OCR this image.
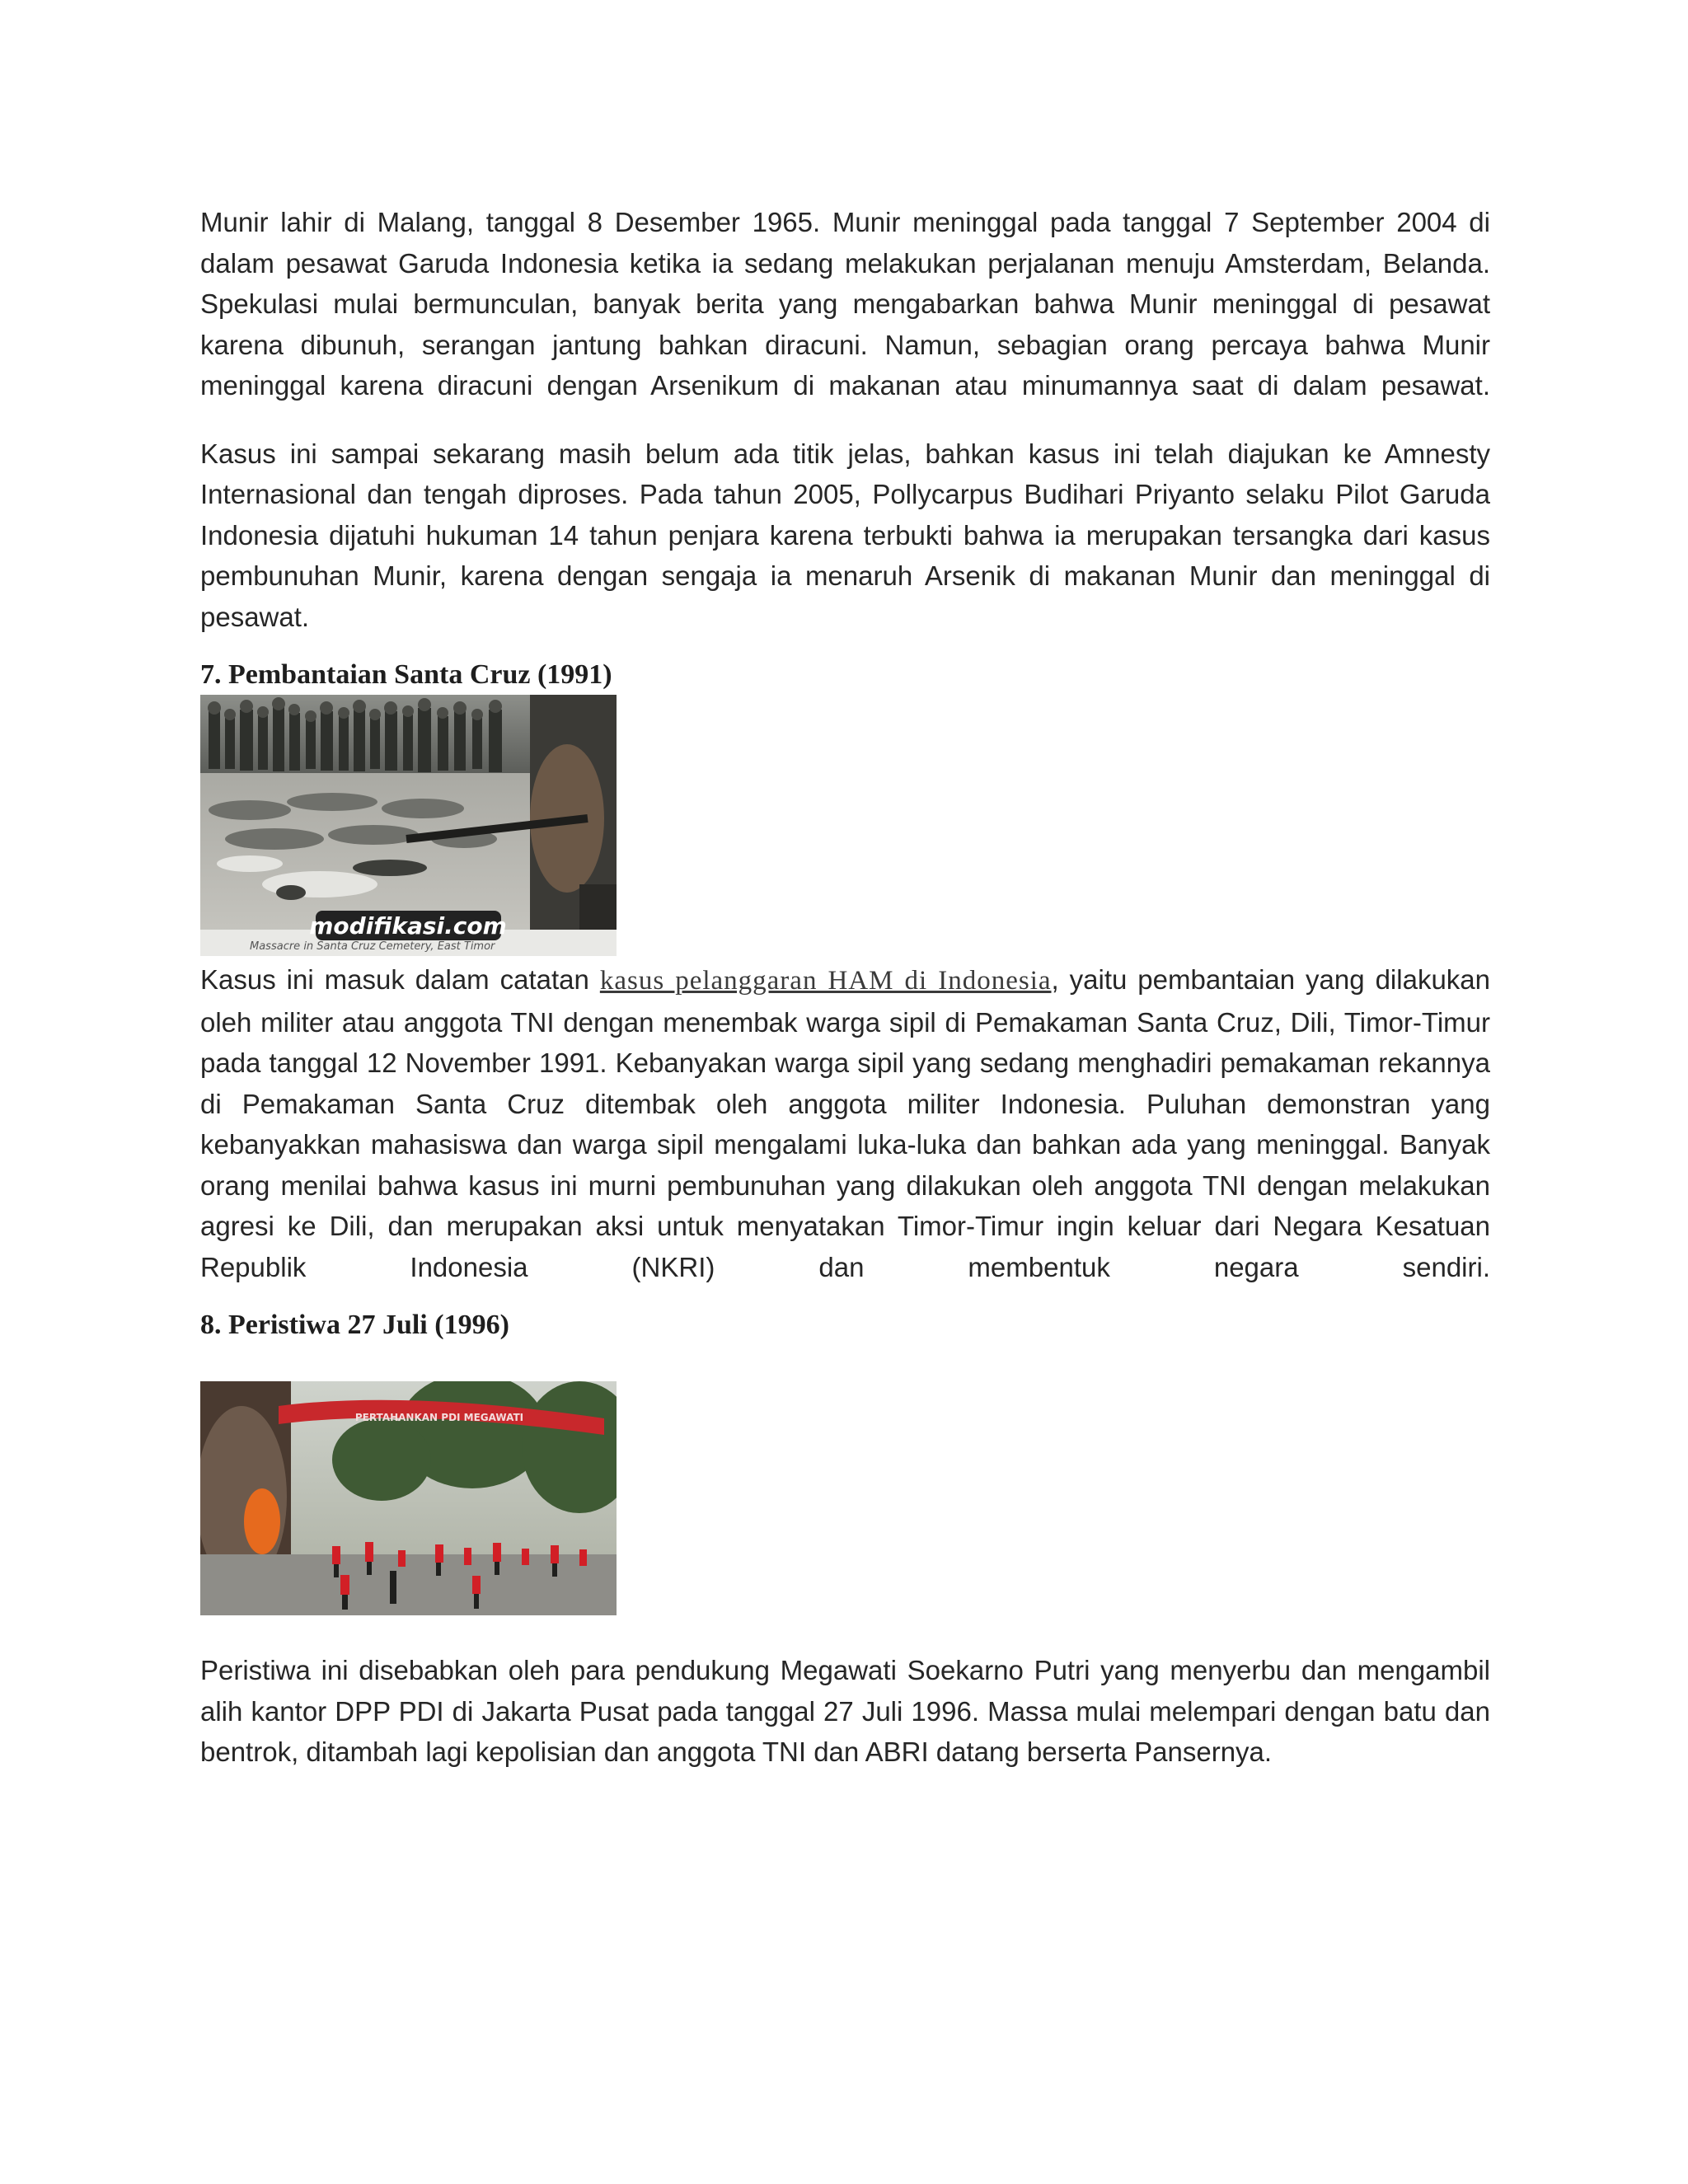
Munir lahir di Malang, tanggal 8 Desember 1965. Munir meninggal pada tanggal 7 September 2004 di dalam pesawat Garuda Indonesia ketika ia sedang melakukan perjalanan menuju Amsterdam, Belanda. Spekulasi mulai bermunculan, banyak berita yang mengabarkan bahwa Munir meninggal di pesawat karena dibunuh, serangan jantung bahkan diracuni. Namun, sebagian orang percaya bahwa Munir meninggal karena diracuni dengan Arsenikum di makanan atau minumannya saat di dalam pesawat.

Kasus ini sampai sekarang masih belum ada titik jelas, bahkan kasus ini telah diajukan ke Amnesty Internasional dan tengah diproses. Pada tahun 2005, Pollycarpus Budihari Priyanto selaku Pilot Garuda Indonesia dijatuhi hukuman 14 tahun penjara karena terbukti bahwa ia merupakan tersangka dari kasus pembunuhan Munir, karena dengan sengaja ia menaruh Arsenik di makanan Munir dan meninggal di pesawat.

7. Pembantaian Santa Cruz (1991)
modifikasi.com
Massacre in Santa Cruz Cemetery, East Timor

Kasus ini masuk dalam catatan kasus pelanggaran HAM di Indonesia, yaitu pembantaian yang dilakukan oleh militer atau anggota TNI dengan menembak warga sipil di Pemakaman Santa Cruz, Dili, Timor-Timur pada tanggal 12 November 1991. Kebanyakan warga sipil yang sedang menghadiri pemakaman rekannya di Pemakaman Santa Cruz ditembak oleh anggota militer Indonesia. Puluhan demonstran yang kebanyakkan mahasiswa dan warga sipil mengalami luka-luka dan bahkan ada yang meninggal. Banyak orang menilai bahwa kasus ini murni pembunuhan yang dilakukan oleh anggota TNI dengan melakukan agresi ke Dili, dan merupakan aksi untuk menyatakan Timor-Timur ingin keluar dari Negara Kesatuan Republik Indonesia (NKRI) dan membentuk negara sendiri.

8. Peristiwa 27 Juli (1996)
PERTAHANKAN PDI MEGAWATI

Peristiwa ini disebabkan oleh para pendukung Megawati Soekarno Putri yang menyerbu dan mengambil alih kantor DPP PDI di Jakarta Pusat pada tanggal 27 Juli 1996. Massa mulai melempari dengan batu dan bentrok, ditambah lagi kepolisian dan anggota TNI dan ABRI datang berserta Pansernya.
